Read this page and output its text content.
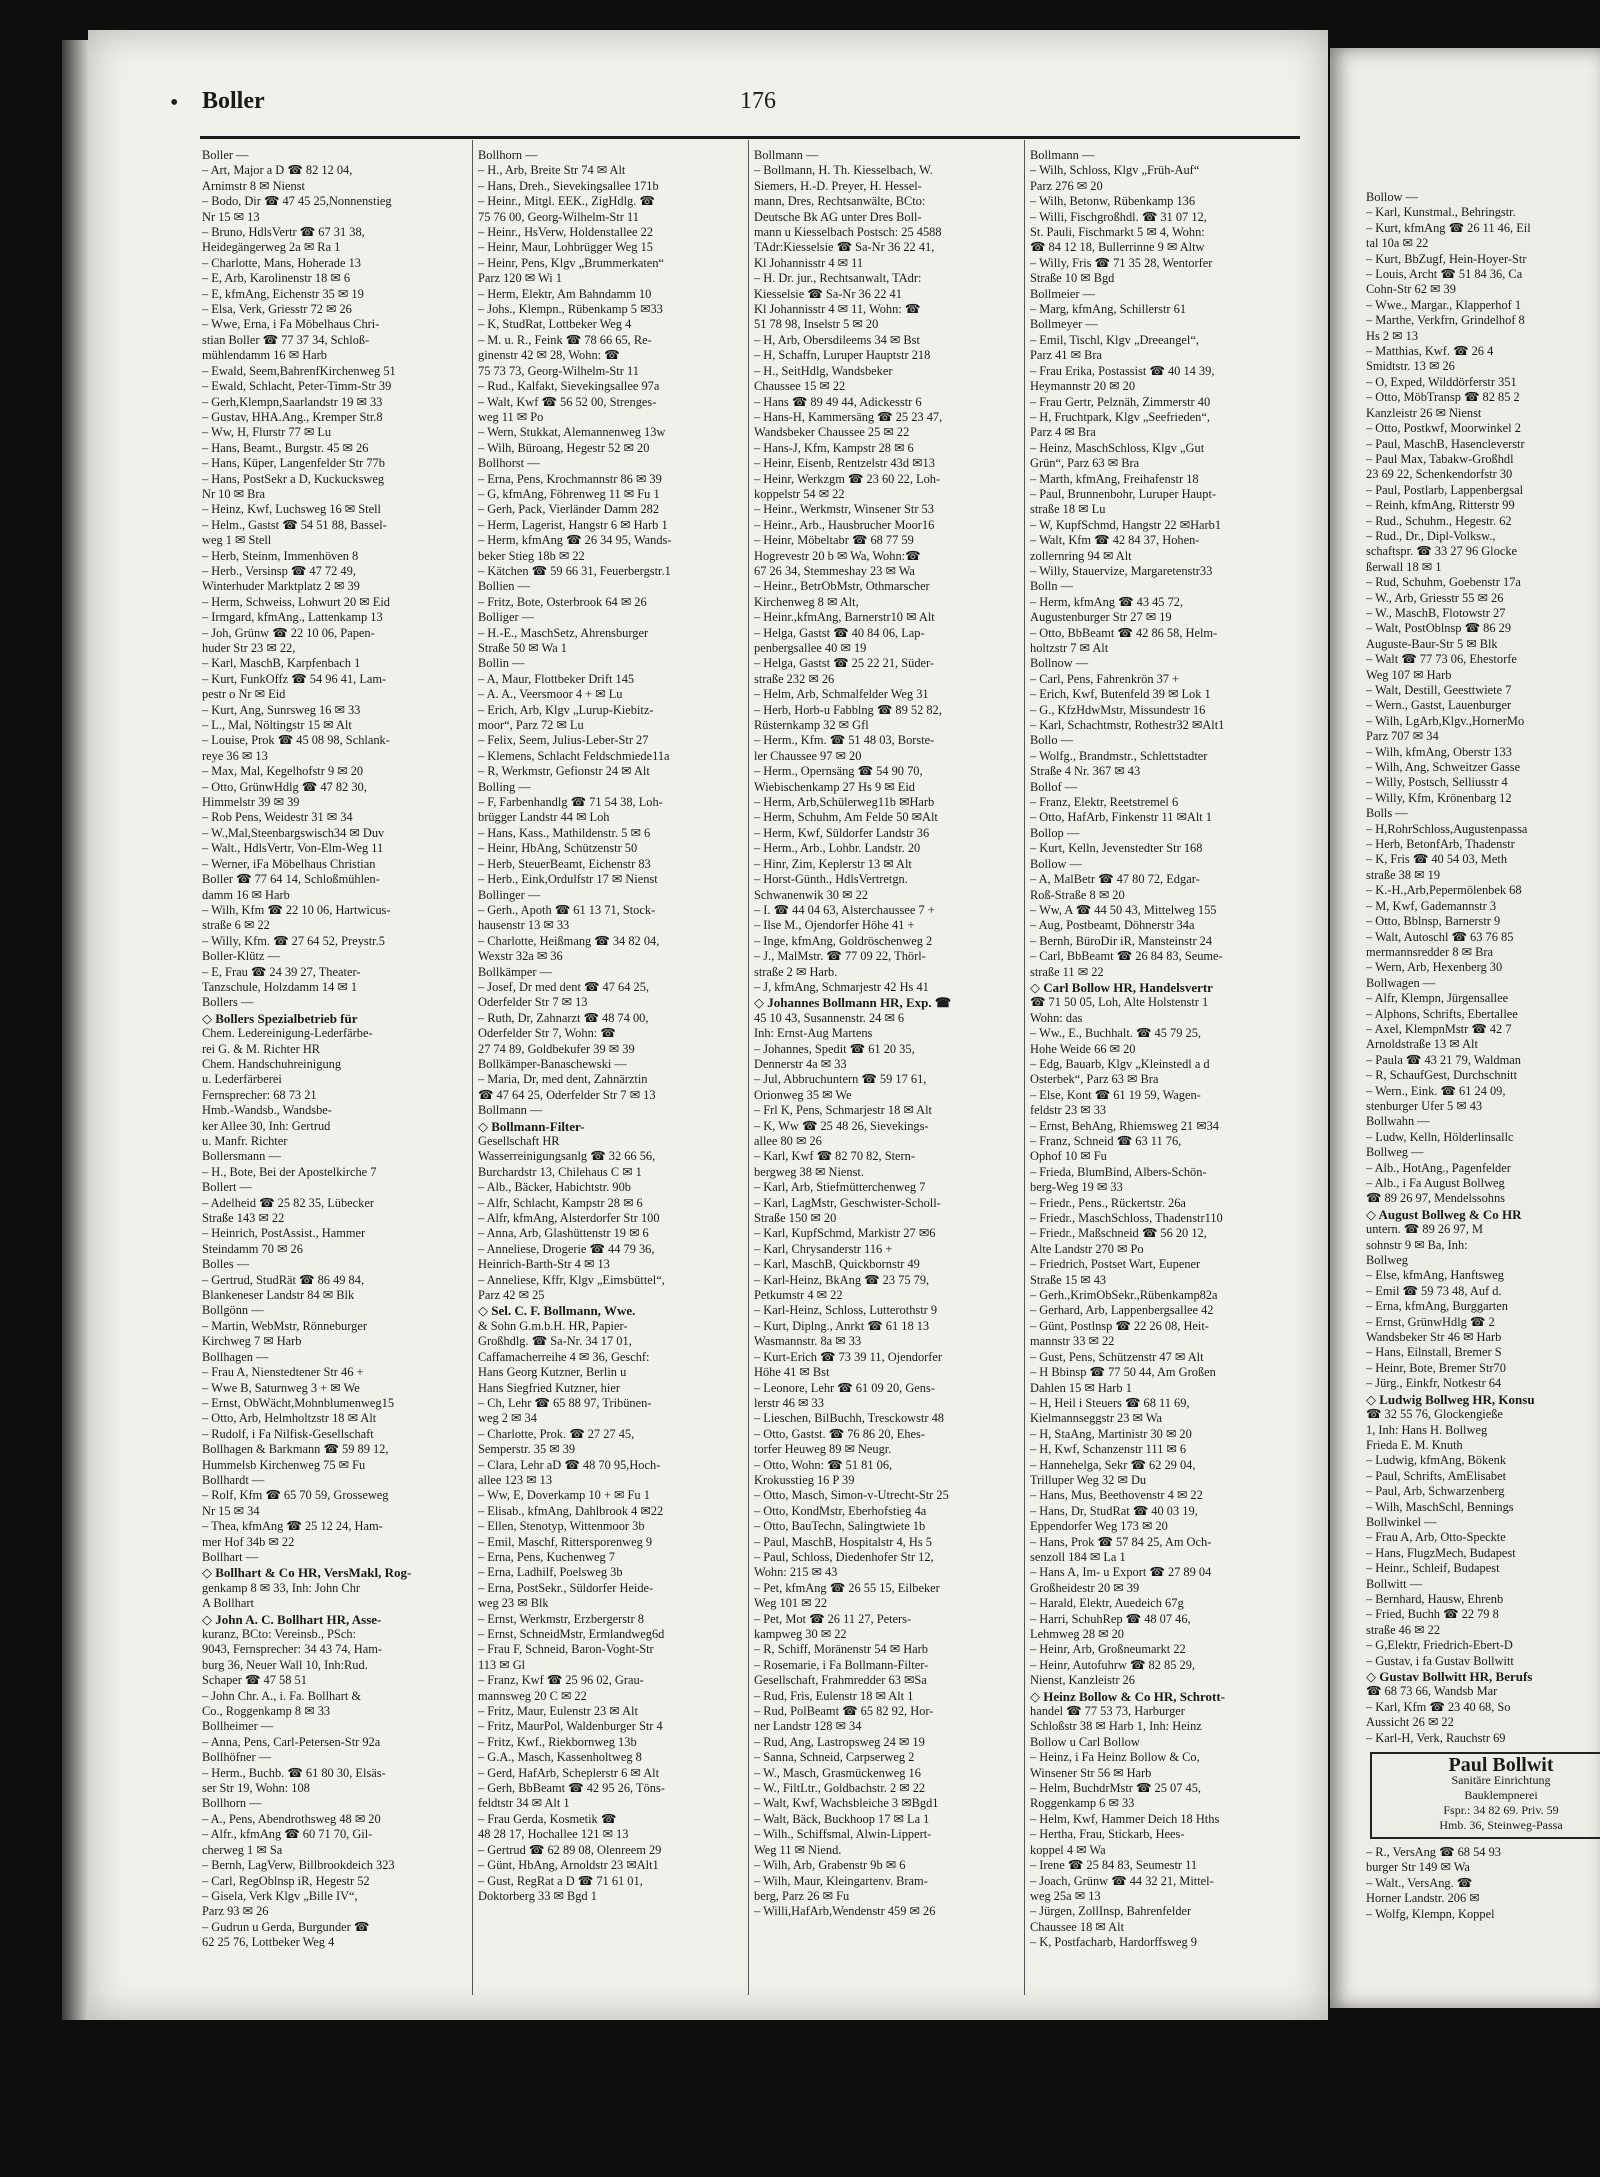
• Boller	176
Boller —
– Art, Major a D ☎ 82 12 04,
Arnimstr 8 ✉ Nienst
– Bodo, Dir ☎ 47 45 25,Nonnenstieg
Nr 15 ✉ 13
– Bruno, HdlsVertr ☎ 67 31 38,
Heidegängerweg 2a ✉ Ra 1
– Charlotte, Mans, Hoherade 13
– E, Arb, Karolinenstr 18 ✉ 6
– E, kfmAng, Eichenstr 35 ✉ 19
– Elsa, Verk, Griesstr 72 ✉ 26
– Wwe, Erna, i Fa Möbelhaus Chri-
stian Boller ☎ 77 37 34, Schloß-
mühlendamm 16 ✉ Harb
– Ewald, Seem,BahrenfKirchenweg 51
– Ewald, Schlacht, Peter-Timm-Str 39
– Gerh,Klempn,Saarlandstr 19 ✉ 33
– Gustav, HHA.Ang., Kremper Str.8
– Ww, H, Flurstr 77 ✉ Lu
– Hans, Beamt., Burgstr. 45 ✉ 26
– Hans, Küper, Langenfelder Str 77b
– Hans, PostSekr a D, Kuckucksweg
Nr 10 ✉ Bra
– Heinz, Kwf, Luchsweg 16 ✉ Stell
– Helm., Gastst ☎ 54 51 88, Bassel-
weg 1 ✉ Stell
– Herb, Steinm, Immenhöven 8
– Herb., Versinsp ☎ 47 72 49,
Winterhuder Marktplatz 2 ✉ 39
– Herm, Schweiss, Lohwurt 20 ✉ Eid
– Irmgard, kfmAng., Lattenkamp 13
– Joh, Grünw ☎ 22 10 06, Papen-
huder Str 23 ✉ 22,
– Karl, MaschB, Karpfenbach 1
– Kurt, FunkOffz ☎ 54 96 41, Lam-
pestr o Nr ✉ Eid
– Kurt, Ang, Sunrsweg 16 ✉ 33
– L., Mal, Nöltingstr 15 ✉ Alt
– Louise, Prok ☎ 45 08 98, Schlank-
reye 36 ✉ 13
– Max, Mal, Kegelhofstr 9 ✉ 20
– Otto, GrünwHdlg ☎ 47 82 30,
Himmelstr 39 ✉ 39
– Rob Pens, Weidestr 31 ✉ 34
– W.,Mal,Steenbargswisch34 ✉ Duv
– Walt., HdlsVertr, Von-Elm-Weg 11
– Werner, iFa Möbelhaus Christian
Boller ☎ 77 64 14, Schloßmühlen-
damm 16 ✉ Harb
– Wilh, Kfm ☎ 22 10 06, Hartwicus-
straße 6 ✉ 22
– Willy, Kfm. ☎ 27 64 52, Preystr.5
Boller-Klütz —
– E, Frau ☎ 24 39 27, Theater-
Tanzschule, Holzdamm 14 ✉ 1
Bollers —
◇ Bollers Spezialbetrieb für
Chem. Ledereinigung-Lederfärbe-
rei G. & M. Richter HR
Chem. Handschuhreinigung
u. Lederfärberei
Fernsprecher: 68 73 21
Hmb.-Wandsb., Wandsbe-
ker Allee 30, Inh: Gertrud
u. Manfr. Richter
Bollersmann —
– H., Bote, Bei der Apostelkirche 7
Bollert —
– Adelheid ☎ 25 82 35, Lübecker
Straße 143 ✉ 22
– Heinrich, PostAssist., Hammer
Steindamm 70 ✉ 26
Bolles —
– Gertrud, StudRät ☎ 86 49 84,
Blankeneser Landstr 84 ✉ Blk
Bollgönn —
– Martin, WebMstr, Rönneburger
Kirchweg 7 ✉ Harb
Bollhagen —
– Frau A, Nienstedtener Str 46 +
– Wwe B, Saturnweg 3 + ✉ We
– Ernst, ObWächt,Mohnblumenweg15
– Otto, Arb, Helmholtzstr 18 ✉ Alt
– Rudolf, i Fa Nilfisk-Gesellschaft
Bollhagen & Barkmann ☎ 59 89 12,
Hummelsb Kirchenweg 75 ✉ Fu
Bollhardt —
– Rolf, Kfm ☎ 65 70 59, Grosseweg
Nr 15 ✉ 34
– Thea, kfmAng ☎ 25 12 24, Ham-
mer Hof 34b ✉ 22
Bollhart —
◇ Bollhart & Co HR, VersMakl, Rog-
genkamp 8 ✉ 33, Inh: John Chr
A Bollhart
◇ John A. C. Bollhart HR, Asse-
kuranz, BCto: Vereinsb., PSch:
9043, Fernsprecher: 34 43 74, Ham-
burg 36, Neuer Wall 10, Inh:Rud.
Schaper ☎ 47 58 51
– John Chr. A., i. Fa. Bollhart &
Co., Roggenkamp 8 ✉ 33
Bollheimer —
– Anna, Pens, Carl-Petersen-Str 92a
Bollhöfner —
– Herm., Buchb. ☎ 61 80 30, Elsäs-
ser Str 19, Wohn: 108
Bollhorn —
– A., Pens, Abendrothsweg 48 ✉ 20
– Alfr., kfmAng ☎ 60 71 70, Gil-
cherweg 1 ✉ Sa
– Bernh, LagVerw, Billbrookdeich 323
– Carl, RegOblnsp iR, Hegestr 52
– Gisela, Verk Klgv „Bille IV“,
Parz 93 ✉ 26
– Gudrun u Gerda, Burgunder ☎
62 25 76, Lottbeker Weg 4
Bollhorn —
– H., Arb, Breite Str 74 ✉ Alt
– Hans, Dreh., Sievekingsallee 171b
– Heinr., Mitgl. EEK., ZigHdlg. ☎
75 76 00, Georg-Wilhelm-Str 11
– Heinr., HsVerw, Holdenstallee 22
– Heinr, Maur, Lohbrügger Weg 15
– Heinr, Pens, Klgv „Brummerkaten“
Parz 120 ✉ Wi 1
– Herm, Elektr, Am Bahndamm 10
– Johs., Klempn., Rübenkamp 5 ✉33
– K, StudRat, Lottbeker Weg 4
– M. u. R., Feink ☎ 78 66 65, Re-
ginenstr 42 ✉ 28, Wohn: ☎
75 73 73, Georg-Wilhelm-Str 11
– Rud., Kalfakt, Sievekingsallee 97a
– Walt, Kwf ☎ 56 52 00, Strenges-
weg 11 ✉ Po
– Wern, Stukkat, Alemannenweg 13w
– Wilh, Büroang, Hegestr 52 ✉ 20
Bollhorst —
– Erna, Pens, Krochmannstr 86 ✉ 39
– G, kfmAng, Föhrenweg 11 ✉ Fu 1
– Gerh, Pack, Vierländer Damm 282
– Herm, Lagerist, Hangstr 6 ✉ Harb 1
– Herm, kfmAng ☎ 26 34 95, Wands-
beker Stieg 18b ✉ 22
– Kätchen ☎ 59 66 31, Feuerbergstr.1
Bollien —
– Fritz, Bote, Osterbrook 64 ✉ 26
Bolliger —
– H.-E., MaschSetz, Ahrensburger
Straße 50 ✉ Wa 1
Bollin —
– A, Maur, Flottbeker Drift 145
– A. A., Veersmoor 4 + ✉ Lu
– Erich, Arb, Klgv „Lurup-Kiebitz-
moor“, Parz 72 ✉ Lu
– Felix, Seem, Julius-Leber-Str 27
– Klemens, Schlacht Feldschmiede11a
– R, Werkmstr, Gefionstr 24 ✉ Alt
Bolling —
– F, Farbenhandlg ☎ 71 54 38, Loh-
brügger Landstr 44 ✉ Loh
– Hans, Kass., Mathildenstr. 5 ✉ 6
– Heinr, HbAng, Schützenstr 50
– Herb, SteuerBeamt, Eichenstr 83
– Herb., Eink,Ordulfstr 17 ✉ Nienst
Bollinger —
– Gerh., Apoth ☎ 61 13 71, Stock-
hausenstr 13 ✉ 33
– Charlotte, Heißmang ☎ 34 82 04,
Wexstr 32a ✉ 36
Bollkämper —
– Josef, Dr med dent ☎ 47 64 25,
Oderfelder Str 7 ✉ 13
– Ruth, Dr, Zahnarzt ☎ 48 74 00,
Oderfelder Str 7, Wohn: ☎
27 74 89, Goldbekufer 39 ✉ 39
Bollkämper-Banaschewski —
– Maria, Dr, med dent, Zahnärztin
☎ 47 64 25, Oderfelder Str 7 ✉ 13
Bollmann —
◇ Bollmann-Filter-
Gesellschaft HR
Wasserreinigungsanlg ☎ 32 66 56,
Burchardstr 13, Chilehaus C ✉ 1
– Alb., Bäcker, Habichtstr. 90b
– Alfr, Schlacht, Kampstr 28 ✉ 6
– Alfr, kfmAng, Alsterdorfer Str 100
– Anna, Arb, Glashüttenstr 19 ✉ 6
– Anneliese, Drogerie ☎ 44 79 36,
Heinrich-Barth-Str 4 ✉ 13
– Anneliese, Kffr, Klgv „Eimsbüttel“,
Parz 42 ✉ 25
◇ Sel. C. F. Bollmann, Wwe.
& Sohn G.m.b.H. HR, Papier-
Großhdlg. ☎ Sa-Nr. 34 17 01,
Caffamacherreihe 4 ✉ 36, Geschf:
Hans Georg Kutzner, Berlin u
Hans Siegfried Kutzner, hier
– Ch, Lehr ☎ 65 88 97, Tribünen-
weg 2 ✉ 34
– Charlotte, Prok. ☎ 27 27 45,
Semperstr. 35 ✉ 39
– Clara, Lehr aD ☎ 48 70 95,Hoch-
allee 123 ✉ 13
– Ww, E, Doverkamp 10 + ✉ Fu 1
– Elisab., kfmAng, Dahlbrook 4 ✉22
– Ellen, Stenotyp, Wittenmoor 3b
– Emil, Maschf, Rittersporenweg 9
– Erna, Pens, Kuchenweg 7
– Erna, Ladhilf, Poelsweg 3b
– Erna, PostSekr., Süldorfer Heide-
weg 23 ✉ Blk
– Ernst, Werkmstr, Erzbergerstr 8
– Ernst, SchneidMstr, Ermlandweg6d
– Frau F, Schneid, Baron-Voght-Str
113 ✉ Gl
– Franz, Kwf ☎ 25 96 02, Grau-
mannsweg 20 C ✉ 22
– Fritz, Maur, Eulenstr 23 ✉ Alt
– Fritz, MaurPol, Waldenburger Str 4
– Fritz, Kwf., Riekbornweg 13b
– G.A., Masch, Kassenholtweg 8
– Gerd, HafArb, Scheplerstr 6 ✉ Alt
– Gerh, BbBeamt ☎ 42 95 26, Töns-
feldtstr 34 ✉ Alt 1
– Frau Gerda, Kosmetik ☎
48 28 17, Hochallee 121 ✉ 13
– Gertrud ☎ 62 89 08, Olenreem 29
– Günt, HbAng, Arnoldstr 23 ✉Alt1
– Gust, RegRat a D ☎ 71 61 01,
Doktorberg 33 ✉ Bgd 1
Bollmann —
– Bollmann, H. Th. Kiesselbach, W.
Siemers, H.-D. Preyer, H. Hessel-
mann, Dres, Rechtsanwälte, BCto:
Deutsche Bk AG unter Dres Boll-
mann u Kiesselbach Postsch: 25 4588
TAdr:Kiesselsie ☎ Sa-Nr 36 22 41,
Kl Johannisstr 4 ✉ 11
– H. Dr. jur., Rechtsanwalt, TAdr:
Kiesselsie ☎ Sa-Nr 36 22 41
Kl Johannisstr 4 ✉ 11, Wohn: ☎
51 78 98, Inselstr 5 ✉ 20
– H, Arb, Obersdileems 34 ✉ Bst
– H, Schaffn, Luruper Hauptstr 218
– H., SeitHdlg, Wandsbeker
Chaussee 15 ✉ 22
– Hans ☎ 89 49 44, Adickesstr 6
– Hans-H, Kammersäng ☎ 25 23 47,
Wandsbeker Chaussee 25 ✉ 22
– Hans-J, Kfm, Kampstr 28 ✉ 6
– Heinr, Eisenb, Rentzelstr 43d ✉13
– Heinr, Werkzgm ☎ 23 60 22, Loh-
koppelstr 54 ✉ 22
– Heinr., Werkmstr, Winsener Str 53
– Heinr., Arb., Hausbrucher Moor16
– Heinr, Möbeltabr ☎ 68 77 59
Hogrevestr 20 b ✉ Wa, Wohn:☎
67 26 34, Stemmeshay 23 ✉ Wa
– Heinr., BetrObMstr, Othmarscher
Kirchenweg 8 ✉ Alt,
– Heinr.,kfmAng, Barnerstr10 ✉ Alt
– Helga, Gastst ☎ 40 84 06, Lap-
penbergsallee 40 ✉ 19
– Helga, Gastst ☎ 25 22 21, Süder-
straße 232 ✉ 26
– Helm, Arb, Schmalfelder Weg 31
– Herb, Horb-u Fabblng ☎ 89 52 82,
Rüsternkamp 32 ✉ Gfl
– Herm., Kfm. ☎ 51 48 03, Borste-
ler Chaussee 97 ✉ 20
– Herm., Opernsäng ☎ 54 90 70,
Wiebischenkamp 27 Hs 9 ✉ Eid
– Herm, Arb,Schülerweg11b ✉Harb
– Herm, Schuhm, Am Felde 50 ✉Alt
– Herm, Kwf, Süldorfer Landstr 36
– Herm., Arb., Lohbr. Landstr. 20
– Hinr, Zim, Keplerstr 13 ✉ Alt
– Horst-Günth., HdlsVertretgn.
Schwanenwik 30 ✉ 22
– I. ☎ 44 04 63, Alsterchaussee 7 +
– Ilse M., Ojendorfer Höhe 41 +
– Inge, kfmAng, Goldröschenweg 2
– J., MalMstr. ☎ 77 09 22, Thörl-
straße 2 ✉ Harb.
– J, kfmAng, Schmarjestr 42 Hs 41
◇ Johannes Bollmann HR, Exp. ☎
45 10 43, Susannenstr. 24 ✉ 6
Inh: Ernst-Aug Martens
– Johannes, Spedit ☎ 61 20 35,
Dennerstr 4a ✉ 33
– Jul, Abbruchuntern ☎ 59 17 61,
Orionweg 35 ✉ We
– Frl K, Pens, Schmarjestr 18 ✉ Alt
– K, Ww ☎ 25 48 26, Sievekings-
allee 80 ✉ 26
– Karl, Kwf ☎ 82 70 82, Stern-
bergweg 38 ✉ Nienst.
– Karl, Arb, Stiefmütterchenweg 7
– Karl, LagMstr, Geschwister-Scholl-
Straße 150 ✉ 20
– Karl, KupfSchmd, Markistr 27 ✉6
– Karl, Chrysanderstr 116 +
– Karl, MaschB, Quickbornstr 49
– Karl-Heinz, BkAng ☎ 23 75 79,
Petkumstr 4 ✉ 22
– Karl-Heinz, Schloss, Lutterothstr 9
– Kurt, Diplng., Anrkt ☎ 61 18 13
Wasmannstr. 8a ✉ 33
– Kurt-Erich ☎ 73 39 11, Ojendorfer
Höhe 41 ✉ Bst
– Leonore, Lehr ☎ 61 09 20, Gens-
lerstr 46 ✉ 33
– Liesch​en, BilBuchh, Tresckowstr 48
– Otto, Gastst. ☎ 76 86 20, Ehes-
torfer Heuweg 89 ✉ Neugr.
– Otto, Wohn: ☎ 51 81 06,
Krokusstieg 16 P 39
– Otto, Masch, Simon-v-Utrecht-Str 25
– Otto, KondMstr, Eberhofstieg 4a
– Otto, BauTechn, Salingtwiete 1b
– Paul, MaschB, Hospitalstr 4, Hs 5
– Paul, Schloss, Diedenhofer Str 12,
Wohn: 215 ✉ 43
– Pet, kfmAng ☎ 26 55 15, Eilbeker
Weg 101 ✉ 22
– Pet, Mot ☎ 26 11 27, Peters-
kampweg 30 ✉ 22
– R, Schiff, Moränenstr 54 ✉ Harb
– Rosemarie, i Fa Bollmann-Filter-
Gesellschaft, Frahmredder 63 ✉Sa
– Rud, Fris, Eulenstr 18 ✉ Alt 1
– Rud, PolBeamt ☎ 65 82 92, Hor-
ner Landstr 128 ✉ 34
– Rud, Ang, Lastropsweg 24 ✉ 19
– Sanna, Schneid, Carpserweg 2
– W., Masch, Grasmückenweg 16
– W., FiltLtr., Goldbachstr. 2 ✉ 22
– Walt, Kwf, Wachsbleiche 3 ✉Bgd1
– Walt, Bäck, Buckhoop 17 ✉ La 1
– Wilh., Schiffsmal, Alwin-Lippert-
Weg 11 ✉ Niend.
– Wilh, Arb, Grabenstr 9b ✉ 6
– Wilh, Maur, Kleingartenv. Bram-
berg, Parz 26 ✉ Fu
– Willi,HafArb,Wendenstr 459 ✉ 26
Bollmann —
– Wilh, Schloss, Klgv „Früh-Auf“
Parz 276 ✉ 20
– Wilh, Betonw, Rübenkamp 136
– Willi, Fischgroßhdl. ☎ 31 07 12,
St. Pauli, Fischmarkt 5 ✉ 4, Wohn:
☎ 84 12 18, Bullerrinne 9 ✉ Altw
– Willy, Fris ☎ 71 35 28, Wentorfer
Straße 10 ✉ Bgd
Bollmeier —
– Marg, kfmAng, Schillerstr 61
Bollmeyer —
– Emil, Tischl, Klgv „Dreeangel“,
Parz 41 ✉ Bra
– Frau Erika, Postassist ☎ 40 14 39,
Heymannstr 20 ✉ 20
– Frau Gertr, Pelznäh, Zimmerstr 40
– H, Fruchtpark, Klgv „Seefrieden“,
Parz 4 ✉ Bra
– Heinz, MaschSchloss, Klgv „Gut
Grün“, Parz 63 ✉ Bra
– Marth, kfmAng, Freihafenstr 18
– Paul, Brunnenbohr, Luruper Haupt-
straße 18 ✉ Lu
– W, KupfSchmd, Hangstr 22 ✉Harb1
– Walt, Kfm ☎ 42 84 37, Hohen-
zollernring 94 ✉ Alt
– Willy, Stauervize, Margaretenstr33
Bolln —
– Herm, kfmAng ☎ 43 45 72,
Augustenburger Str 27 ✉ 19
– Otto, BbBeamt ☎ 42 86 58, Helm-
holtzstr 7 ✉ Alt
Bollnow —
– Carl, Pens, Fahrenkrön 37 +
– Erich, Kwf, Butenfeld 39 ✉ Lok 1
– G., KfzHdwMstr, Missundestr 16
– Karl, Schachtmstr, Rothestr32 ✉Alt1
Bollo —
– Wolfg., Brandmstr., Schlettstadter
Straße 4 Nr. 367 ✉ 43
Bollof —
– Franz, Elektr, Reetstremel 6
– Otto, HafArb, Finkenstr 11 ✉Alt 1
Bollop —
– Kurt, Kelln, Jevenstedter Str 168
Bollow —
– A, MalBetr ☎ 47 80 72, Edgar-
Roß-Straße 8 ✉ 20
– Ww, A ☎ 44 50 43, Mittelweg 155
– Aug, Postbeamt, Döhnerstr 34a
– Bernh, BüroDir iR, Mansteinstr 24
– Carl, BbBeamt ☎ 26 84 83, Seume-
straße 11 ✉ 22
◇ Carl Bollow HR, Handelsvertr
☎ 71 50 05, Loh, Alte Holstenstr 1
Wohn: das
– Ww., E., Buchhalt. ☎ 45 79 25,
Hohe Weide 66 ✉ 20
– Edg, Bauarb, Klgv „Kleinstedl a d
Osterbek“, Parz 63 ✉ Bra
– Else, Kont ☎ 61 19 59, Wagen-
feldstr 23 ✉ 33
– Ernst, BehAng, Rhiemsweg 21 ✉34
– Franz, Schneid ☎ 63 11 76,
Ophof 10 ✉ Fu
– Frieda, BlumBind, Albers-Schön-
berg-Weg 19 ✉ 33
– Friedr., Pens., Rückertstr. 26a
– Friedr., MaschSchloss, Thadenstr110
– Friedr., Maßschneid ☎ 56 20 12,
Alte Landstr 270 ✉ Po
– Friedrich, Postset Wart, Eupener
Straße 15 ✉ 43
– Gerh.,KrimObSekr.,Rübenkamp82a
– Gerhard, Arb, Lappenbergsallee 42
– Günt, Postlnsp ☎ 22 26 08, Heit-
mannstr 33 ✉ 22
– Gust, Pens, Schützenstr 47 ✉ Alt
– H Bbinsp ☎ 77 50 44, Am Großen
Dahlen 15 ✉ Harb 1
– H, Heil i Steuers ☎ 68 11 69,
Kielmannseggstr 23 ✉ Wa
– H, StaAng, Martinistr 30 ✉ 20
– H, Kwf, Schanzenstr 111 ✉ 6
– Hannehelga, Sekr ☎ 62 29 04,
Trilluper Weg 32 ✉ Du
– Hans, Mus, Beethovenstr 4 ✉ 22
– Hans, Dr, StudRat ☎ 40 03 19,
Eppendorfer Weg 173 ✉ 20
– Hans, Prok ☎ 57 84 25, Am Och-
senzoll 184 ✉ La 1
– Hans A, Im- u Export ☎ 27 89 04
Großheidestr 20 ✉ 39
– Harald, Elektr, Auedeich 67g
– Harri, SchuhRep ☎ 48 07 46,
Lehmweg 28 ✉ 20
– Heinr, Arb, Großneumarkt 22
– Heinr, Autofuhrw ☎ 82 85 29,
Nienst, Kanzleistr 26
◇ Heinz Bollow & Co HR, Schrott-
handel ☎ 77 53 73, Harburger
Schloßstr 38 ✉ Harb 1, Inh: Heinz
Bollow u Carl Bollow
– Heinz, i Fa Heinz Bollow & Co,
Winsener Str 56 ✉ Harb
– Helm, BuchdrMstr ☎ 25 07 45,
Roggenkamp 6 ✉ 33
– Helm, Kwf, Hammer Deich 18 Hths
– Hertha, Frau, Stickarb, Hees-
koppel 4 ✉ Wa
– Irene ☎ 25 84 83, Seumestr 11
– Joach, Grünw ☎ 44 32 21, Mittel-
weg 25a ✉ 13
– Jürgen, ZollInsp, Bahrenfelder
Chaussee 18 ✉ Alt
– K, Postfacharb, Hardorffsweg 9
Bollow —
– Karl, Kunstmal., Behringstr.
– Kurt, kfmAng ☎ 26 11 46, Eil
tal 10a ✉ 22
– Kurt, BbZugf, Hein-Hoyer-Str
– Louis, Archt ☎ 51 84 36, Ca
Cohn-Str 62 ✉ 39
– Wwe., Margar., Klapperhof 1
– Marthe, Verkfrn, Grindelhof 8
Hs 2 ✉ 13
– Matthias, Kwf. ☎ 26 4
Smidtstr. 13 ✉ 26
– O, Exped, Wilddörferstr 351
– Otto, MöbTransp ☎ 82 85 2
Kanzleistr 26 ✉ Nienst
– Otto, Postkwf, Moorwinkel 2
– Paul, MaschB, Hasencleverstr
– Paul Max, Tabakw-Großhdl
23 69 22, Schenkendorfstr 30
– Paul, Postlarb, Lappenbergsal
– Reinh, kfmAng, Ritterstr 99
– Rud., Schuhm., Hegestr. 62
– Rud., Dr., Dipl-Volksw.,
schaftspr. ☎ 33 27 96 Glocke
ßerwall 18 ✉ 1
– Rud, Schuhm, Goebenstr 17a
– W., Arb, Griesstr 55 ✉ 26
– W., MaschB, Flotowstr 27
– Walt, PostOblnsp ☎ 86 29
Auguste-Baur-Str 5 ✉ Blk
– Walt ☎ 77 73 06, Ehestorfe
Weg 107 ✉ Harb
– Walt, Destill, Geesttwiete 7
– Wern., Gastst, Lauenburger
– Wilh, LgArb,Klgv.,HornerMo
Parz 707 ✉ 34
– Wilh, kfmAng, Oberstr 133
– Wilh, Ang, Schweitzer Gasse
– Willy, Postsch, Selliusstr 4
– Willy, Kfm, Krönenbarg 12
Bolls —
– H,RohrSchloss,Augustenpassa
– Herb, BetonfArb, Thadenstr
– K, Fris ☎ 40 54 03, Meth
straße 38 ✉ 19
– K.-H.,Arb,Pepermölenbek 68
– M, Kwf, Gademannstr 3
– Otto, Bblnsp, Barnerstr 9
– Walt, Autoschl ☎ 63 76 85
mermannsredder 8 ✉ Bra
– Wern, Arb, Hexenberg 30
Bollwagen —
– Alfr, Klempn, Jürgensallee
– Alphons, Schrifts, Ebertallee
– Axel, KlempnMstr ☎ 42 7
Arnoldstraße 13 ✉ Alt
– Paula ☎ 43 21 79, Waldman
– R, SchaufGest, Durchschnitt
– Wern., Eink. ☎ 61 24 09,
stenburger Ufer 5 ✉ 43
Bollwahn —
– Ludw, Kelln, Hölderlinsallc
Bollweg —
– Alb., HotAng., Pagenfelder
– Alb., i Fa August Bollweg
☎ 89 26 97, Mendelssohns
◇ August Bollweg & Co HR
untern. ☎ 89 26 97, M
sohnstr 9 ✉ Ba, Inh:
Bollweg
– Else, kfmAng, Hanftsweg
– Emil ☎ 59 73 48, Auf d.
– Erna, kfmAng, Burggarten
– Ernst, GrünwHdlg ☎ 2
Wandsbeker Str 46 ✉ Harb
– Hans, Eilnstall, Bremer S
– Heinr, Bote, Bremer Str70
– Jürg., Einkfr, Notkestr 64
◇ Ludwig Bollweg HR, Konsu
☎ 32 55 76, Glockengieße
1, Inh: Hans H. Bollweg
Frieda E. M. Knuth
– Ludwig, kfmAng, Bökenk
– Paul, Schrifts, AmElisabet
– Paul, Arb, Schwarzenberg
– Wilh, MaschSchl, Bennings
Bollwinkel —
– Frau A, Arb, Otto-Speckte
– Hans, FlugzMech, Budapest
– Heinr., Schleif, Budapest
Bollwitt —
– Bernhard, Hausw, Ehrenb
– Fried, Buchh ☎ 22 79 8
straße 46 ✉ 22
– G,Elektr, Friedrich-Ebert-D
– Gustav, i fa Gustav Bollwitt
◇ Gustav Bollwitt HR, Berufs
☎ 68 73 66, Wandsb Mar
– Karl, Kfm ☎ 23 40 68, So
Aussicht 26 ✉ 22
– Karl-H, Verk, Rauchstr 69
Paul Bollwit
Sanitäre Einrichtung
Bauklempnerei
Fspr.: 34 82 69. Priv. 59
Hmb. 36, Steinweg-Passa
– R., VersAng ☎ 68 54 93
burger Str 149 ✉ Wa
– Walt., VersAng. ☎
Horner Landstr. 206 ✉
– Wolfg, Klempn, Koppel
